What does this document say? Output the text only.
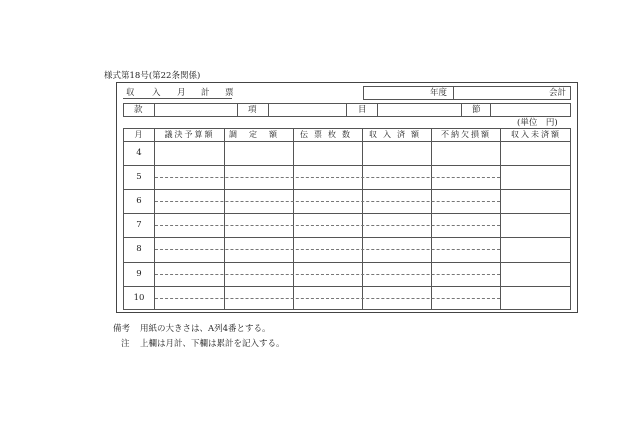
様式第18号(第22条関係)
収 入 月 計 票	年度	会計
款	項	目	節
(単位　円)
月	議決予算額	調定額	伝票枚数	収入済額	不納欠損額	収入未済額
4
5
6
7
8
9
10
備考 用紙の大きさは、A列4番とする。
注 上欄は月計、下欄は累計を記入する。
